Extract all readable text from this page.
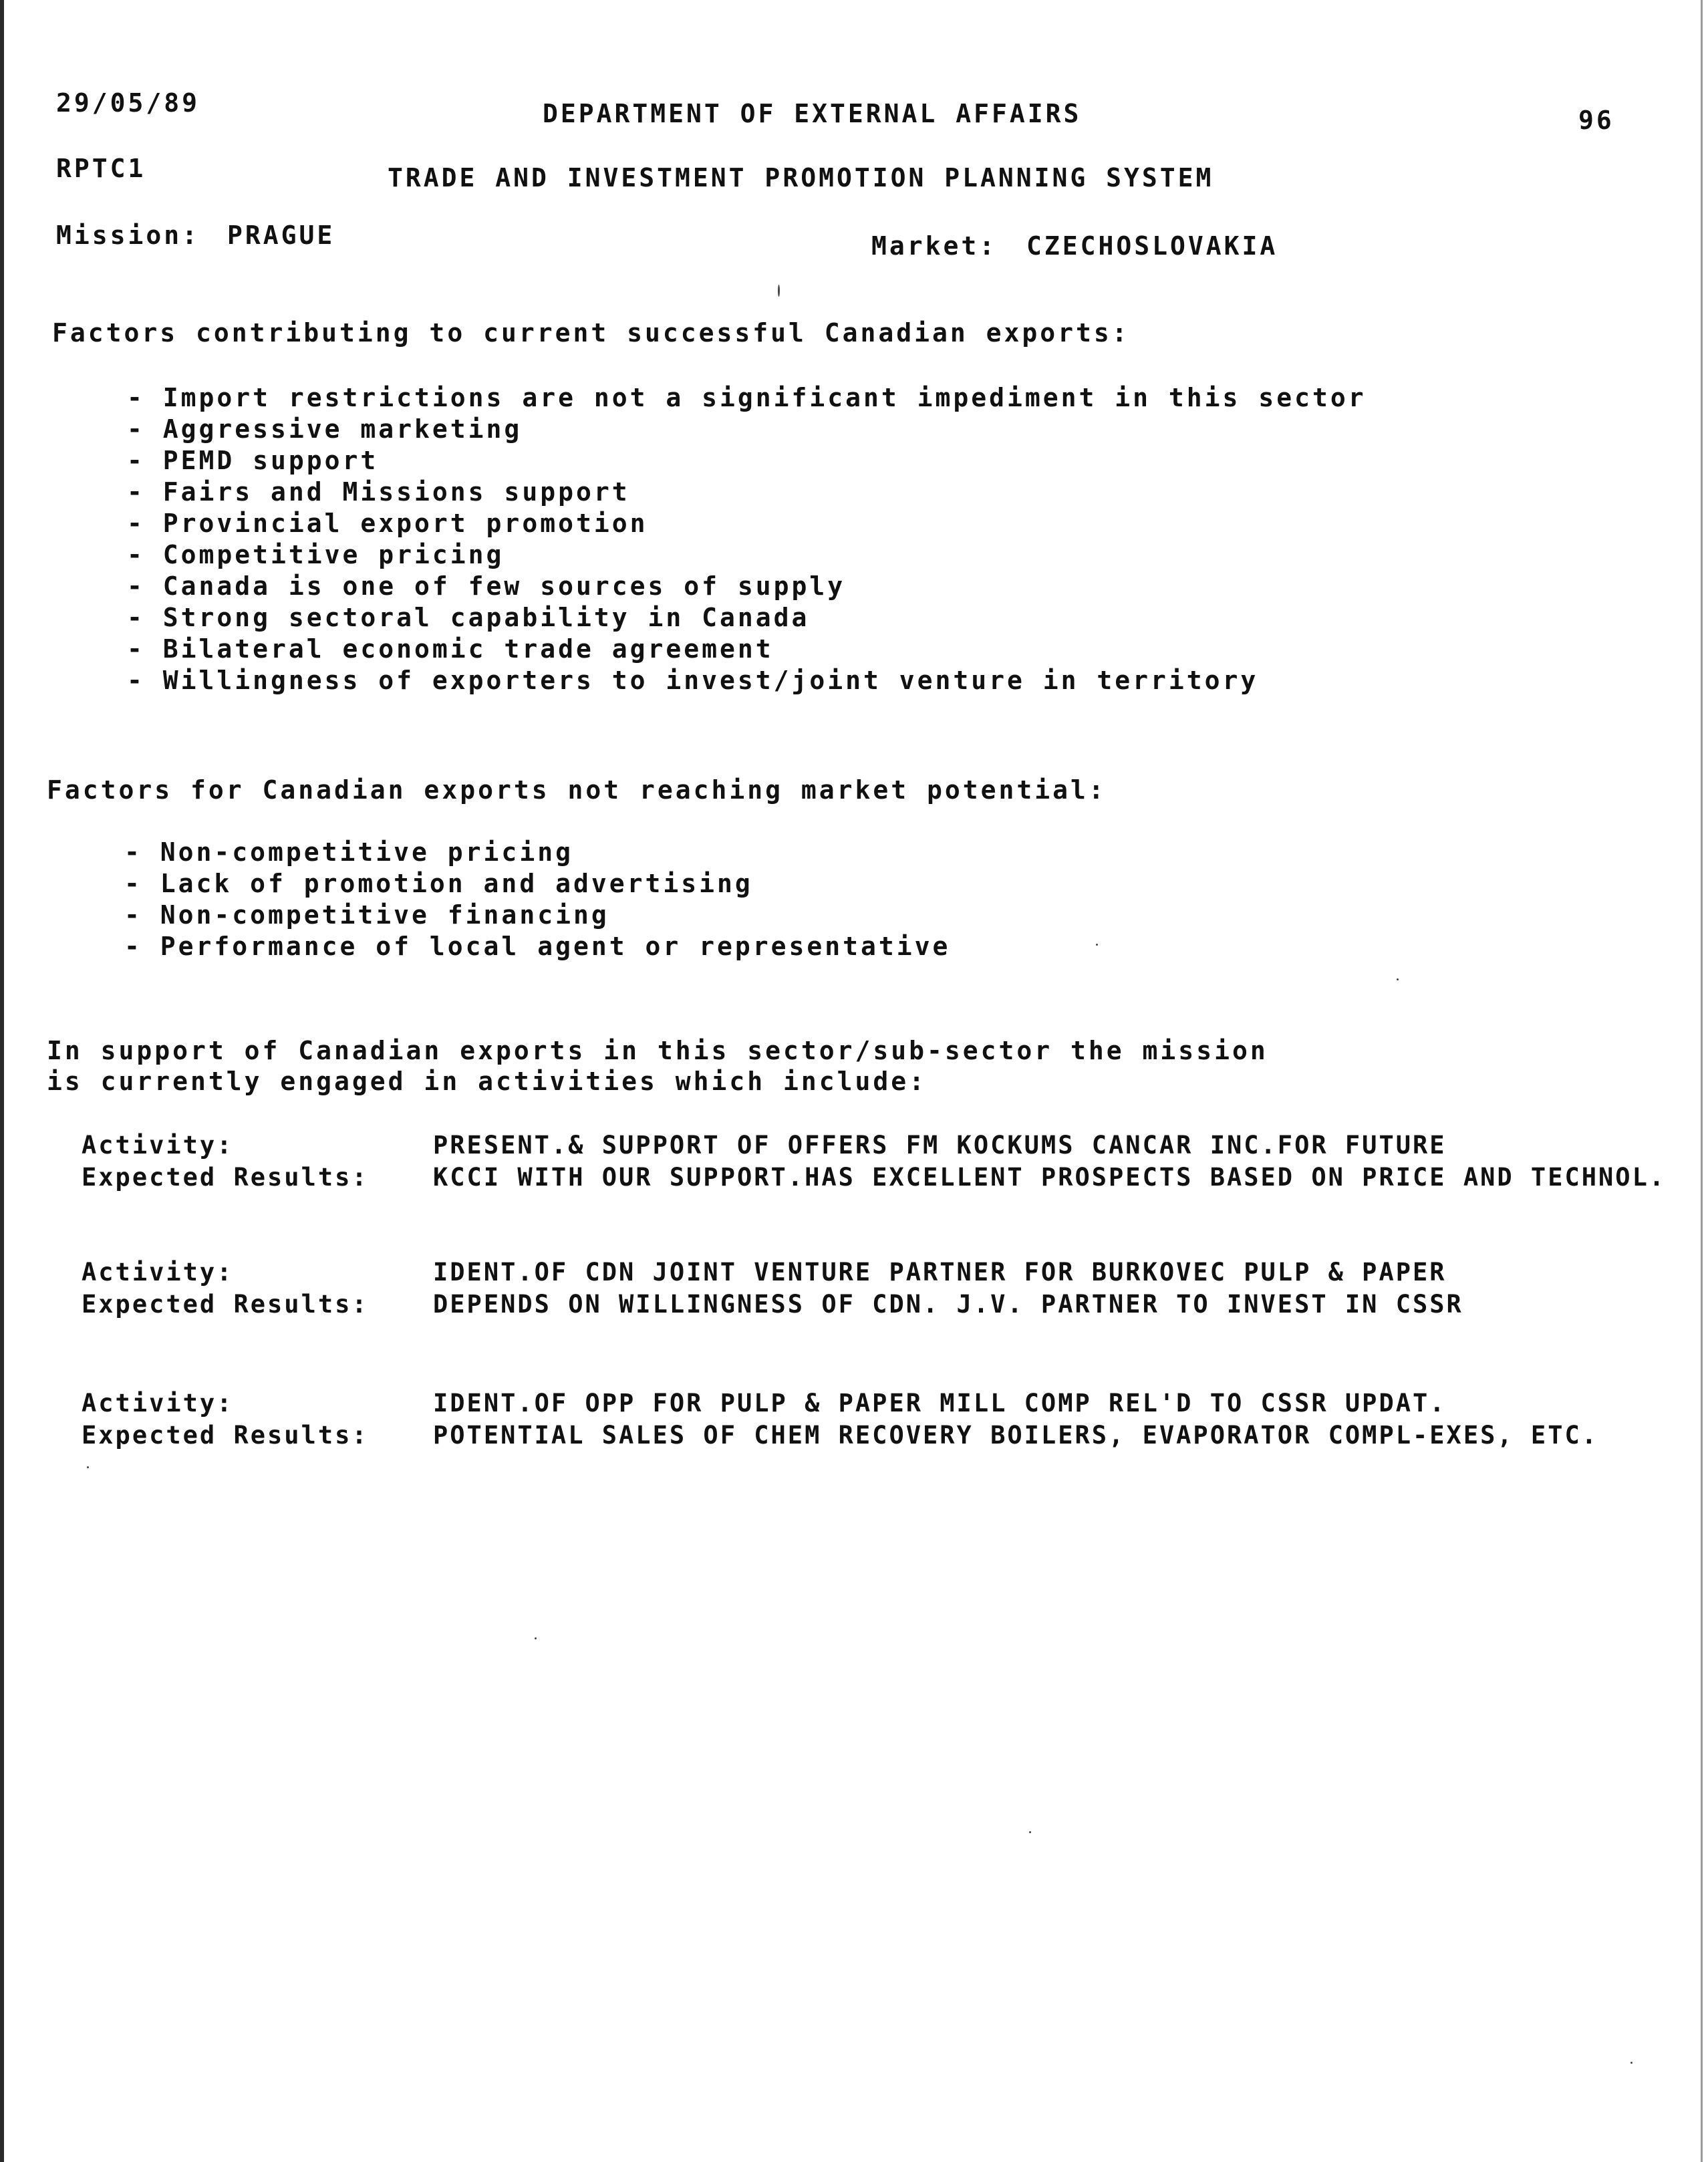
29/05/89	DEPARTMENT OF EXTERNAL AFFAIRS	96
RPTC1	TRADE AND INVESTMENT PROMOTION PLANNING SYSTEM
Mission: PRAGUE	Market: CZECHOSLOVAKIA
Factors contributing to current successful Canadian exports:
- Import restrictions are not a significant impediment in this sector
- Aggressive marketing
- PEMD support
- Fairs and Missions support
- Provincial export promotion
- Competitive pricing
- Canada is one of few sources of supply
- Strong sectoral capability in Canada
- Bilateral economic trade agreement
- Willingness of exporters to invest/joint venture in territory
Factors for Canadian exports not reaching market potential:
- Non-competitive pricing
- Lack of promotion and advertising
- Non-competitive financing
- Performance of local agent or representative
In support of Canadian exports in this sector/sub-sector the mission
is currently engaged in activities which include:
Activity:	PRESENT.& SUPPORT OF OFFERS FM KOCKUMS CANCAR INC.FOR FUTURE
Expected Results:	KCCI WITH OUR SUPPORT.HAS EXCELLENT PROSPECTS BASED ON PRICE AND TECHNOL.
Activity:	IDENT.OF CDN JOINT VENTURE PARTNER FOR BURKOVEC PULP & PAPER
Expected Results:	DEPENDS ON WILLINGNESS OF CDN. J.V. PARTNER TO INVEST IN CSSR
Activity:	IDENT.OF OPP FOR PULP & PAPER MILL COMP REL'D TO CSSR UPDAT.
Expected Results:	POTENTIAL SALES OF CHEM RECOVERY BOILERS, EVAPORATOR COMPL-EXES, ETC.
